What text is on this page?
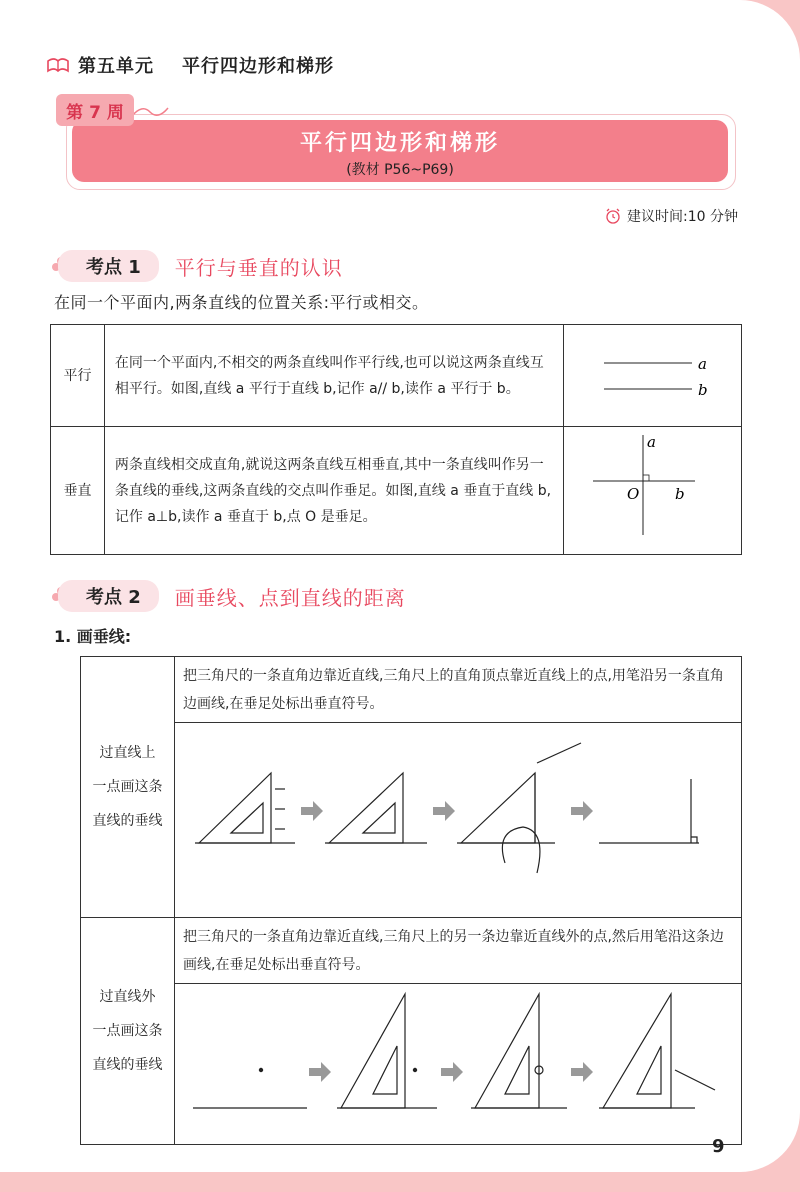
第五单元 平行四边形和梯形
第 7 周
平行四边形和梯形
(教材 P56~P69)
建议时间:10 分钟
考点 1	平行与垂直的认识
在同一个平面内,两条直线的位置关系:平行或相交。
平行	在同一个平面内,不相交的两条直线叫作平行线,也可以说这两条直线互相平行。如图,直线 a 平行于直线 b,记作 a// b,读作 a 平行于 b。	a
b

垂直	两条直线相交成直角,就说这两条直线互相垂直,其中一条直线叫作另一条直线的垂线,这两条直线的交点叫作垂足。如图,直线 a 垂直于直线 b,记作 a⊥b,读作 a 垂直于 b,点 O 是垂足。	a
O b
考点 2	画垂线、点到直线的距离
1. 画垂线:
过直线上
一点画这条
直线的垂线	把三角尺的一条直角边靠近直线,三角尺上的直角顶点靠近直线上的点,用笔沿另一条直角边画线,在垂足处标出垂直符号。

过直线外
一点画这条
直线的垂线	把三角尺的一条直角边靠近直线,三角尺上的另一条边靠近直线外的点,然后用笔沿这条边画线,在垂足处标出垂直符号。

9
